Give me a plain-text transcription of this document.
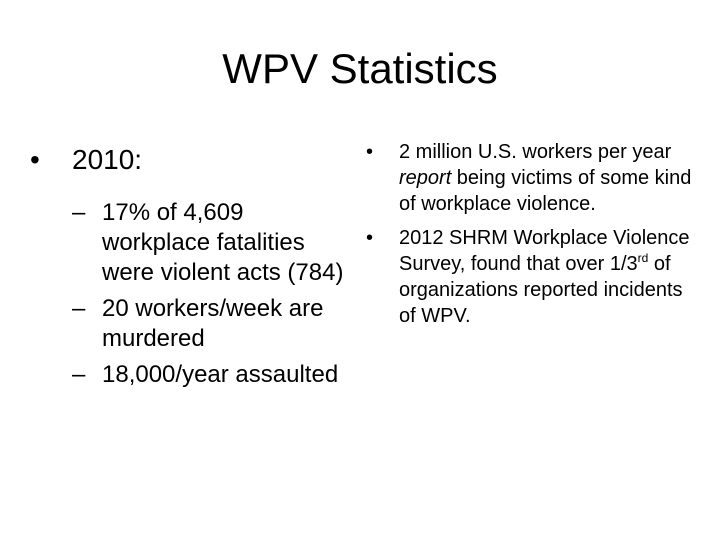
WPV Statistics
• 2010:
– 17% of 4,609 workplace fatalities were violent acts (784)
– 20 workers/week are murdered
– 18,000/year assaulted
• 2 million U.S. workers per year report being victims of some kind of workplace violence.
• 2012 SHRM Workplace Violence Survey, found that over 1/3rd of organizations reported incidents of WPV.
